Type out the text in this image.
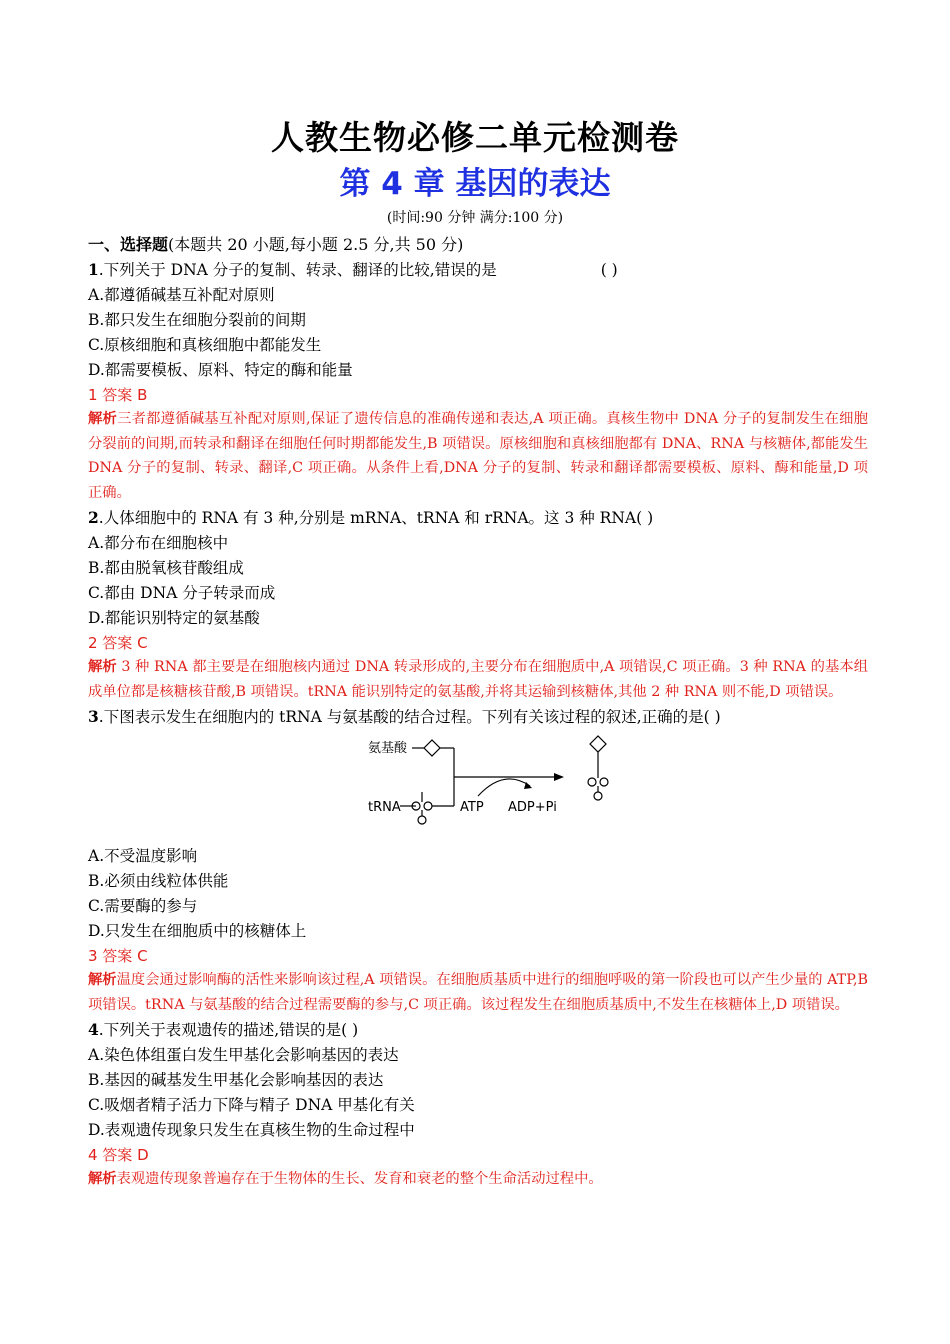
人教生物必修二单元检测卷
第 4 章 基因的表达
(时间:90 分钟 满分:100 分)
一、选择题(本题共 20 小题,每小题 2.5 分,共 50 分)
1.下列关于 DNA 分子的复制、转录、翻译的比较,错误的是	( )
A.都遵循碱基互补配对原则
B.都只发生在细胞分裂前的间期
C.原核细胞和真核细胞中都能发生
D.都需要模板、原料、特定的酶和能量
1 答案 B
解析三者都遵循碱基互补配对原则,保证了遗传信息的准确传递和表达,A 项正确。真核生物中 DNA 分子的复制发生在细胞分裂前的间期,而转录和翻译在细胞任何时期都能发生,B 项错误。原核细胞和真核细胞都有 DNA、RNA 与核糖体,都能发生 DNA 分子的复制、转录、翻译,C 项正确。从条件上看,DNA 分子的复制、转录和翻译都需要模板、原料、酶和能量,D 项正确。
2.人体细胞中的 RNA 有 3 种,分别是 mRNA、tRNA 和 rRNA。这 3 种 RNA( )
A.都分布在细胞核中
B.都由脱氧核苷酸组成
C.都由 DNA 分子转录而成
D.都能识别特定的氨基酸
2 答案 C
解析 3 种 RNA 都主要是在细胞核内通过 DNA 转录形成的,主要分布在细胞质中,A 项错误,C 项正确。3 种 RNA 的基本组成单位都是核糖核苷酸,B 项错误。tRNA 能识别特定的氨基酸,并将其运输到核糖体,其他 2 种 RNA 则不能,D 项错误。
3.下图表示发生在细胞内的 tRNA 与氨基酸的结合过程。下列有关该过程的叙述,正确的是( )
氨基酸
tRNA	ATP ADP+Pi
A.不受温度影响
B.必须由线粒体供能
C.需要酶的参与
D.只发生在细胞质中的核糖体上
3 答案 C
解析温度会通过影响酶的活性来影响该过程,A 项错误。在细胞质基质中进行的细胞呼吸的第一阶段也可以产生少量的 ATP,B 项错误。tRNA 与氨基酸的结合过程需要酶的参与,C 项正确。该过程发生在细胞质基质中,不发生在核糖体上,D 项错误。
4.下列关于表观遗传的描述,错误的是( )
A.染色体组蛋白发生甲基化会影响基因的表达
B.基因的碱基发生甲基化会影响基因的表达
C.吸烟者精子活力下降与精子 DNA 甲基化有关
D.表观遗传现象只发生在真核生物的生命过程中
4 答案 D
解析表观遗传现象普遍存在于生物体的生长、发育和衰老的整个生命活动过程中。
